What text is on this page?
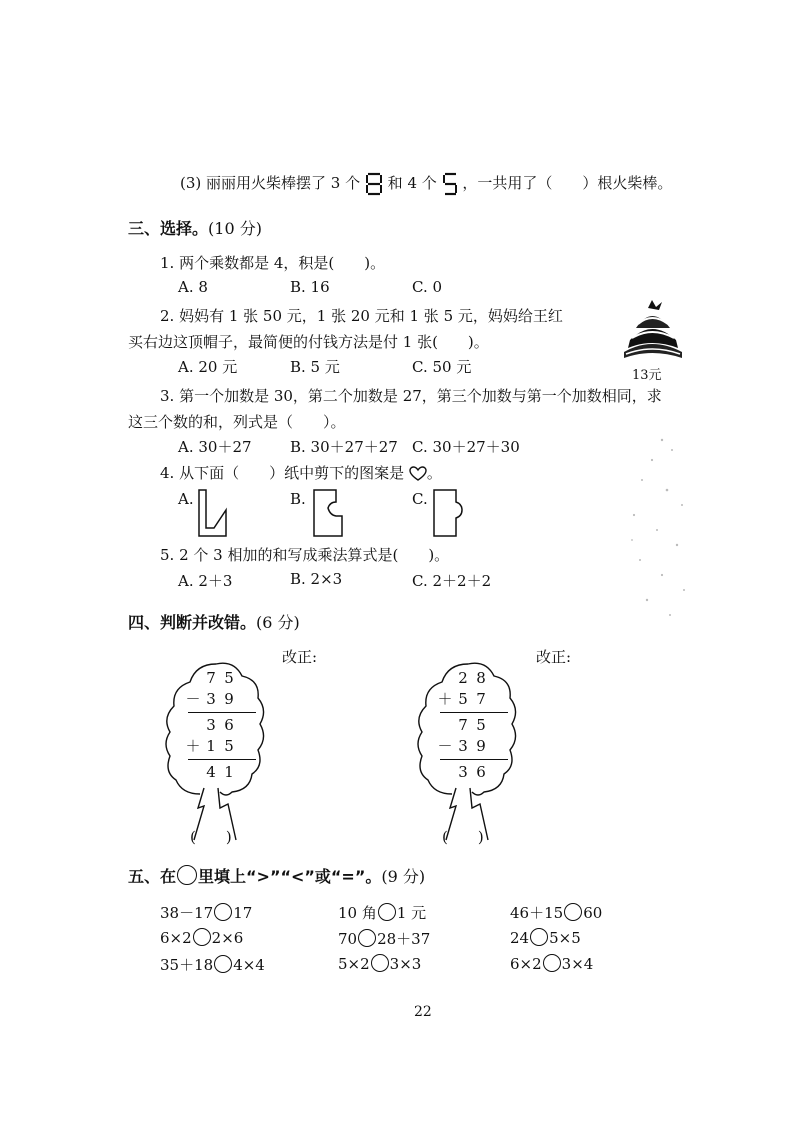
(3) 丽丽用火柴棒摆了 3 个 和 4 个 ，一共用了（　　）根火柴棒。
三、选择。(10 分)
1. 两个乘数都是 4，积是(　　)。
A. 8	B. 16	C. 0
2. 妈妈有 1 张 50 元，1 张 20 元和 1 张 5 元，妈妈给王红
买右边这顶帽子，最简便的付钱方法是付 1 张(　　)。
A. 20 元	B. 5 元	C. 50 元	13元
3. 第一个加数是 30，第二个加数是 27，第三个加数与第一个加数相同，求
这三个数的和，列式是（　　）。
A. 30＋27	B. 30＋27＋27 C. 30＋27＋30
4. 从下面（　　）纸中剪下的图案是 。
A.	B.	C.
5. 2 个 3 相加的和写成乘法算式是(　　)。
A. 2＋3	B. 2×3	C. 2＋2＋2
四、判断并改错。(6 分)
改正:	改正:
7 5
－ 3 9
3 6
＋ 1 5
4 1
(　　)
2 8
＋ 5 7
7 5
－ 3 9
3 6
(　　)
五、在 里填上“>”“<”或“=”。(9 分)
38－17 17	10 角 1 元	46＋15 60
6×2 2×6	70 28＋37	24 5×5
35＋18 4×4	5×2 3×3	6×2 3×4
22
